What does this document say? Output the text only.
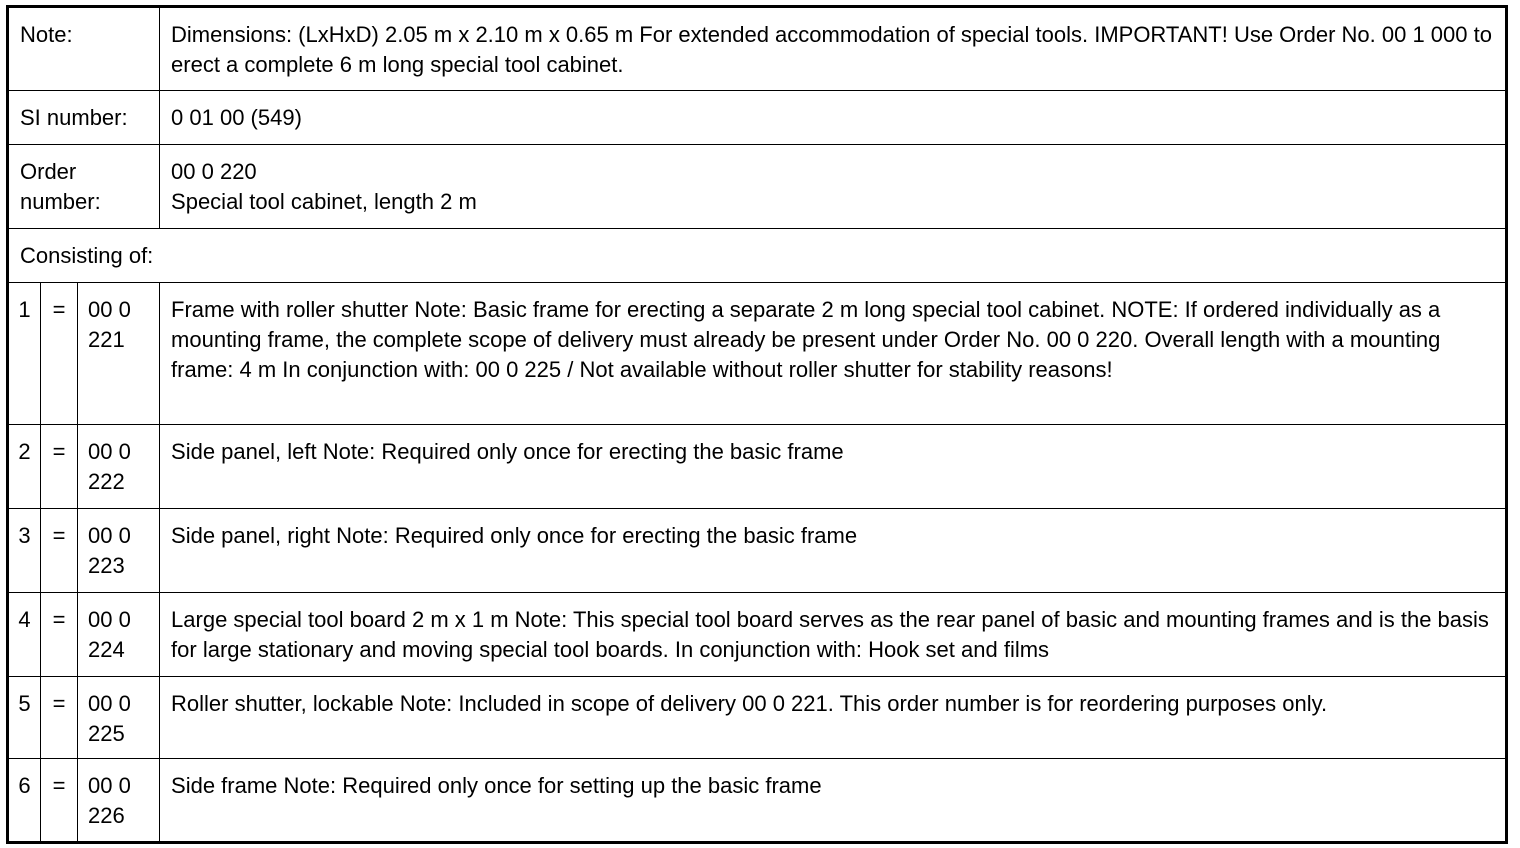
Note:			Dimensions: (LxHxD) 2.05 m x 2.10 m x 0.65 m For extended accommodation of special tools. IMPORTANT! Use Order No. 00 1 000 to erect a complete 6 m long special tool cabinet.
SI number:			0 01 00 (549)
Order number:			00 0 220
Special tool cabinet, length 2 m

Consisting of:			
1	=	00 0 221	Frame with roller shutter Note: Basic frame for erecting a separate 2 m long special tool cabinet. NOTE: If ordered individually as a mounting frame, the complete scope of delivery must already be present under Order No. 00 0 220. Overall length with a mounting frame: 4 m In conjunction with: 00 0 225 / Not available without roller shutter for stability reasons!
2	=	00 0 222	Side panel, left Note: Required only once for erecting the basic frame
3	=	00 0 223	Side panel, right Note: Required only once for erecting the basic frame
4	=	00 0 224	Large special tool board 2 m x 1 m Note: This special tool board serves as the rear panel of basic and mounting frames and is the basis for large stationary and moving special tool boards. In conjunction with: Hook set and films
5	=	00 0 225	Roller shutter, lockable Note: Included in scope of delivery 00 0 221. This order number is for reordering purposes only.
6	=	00 0 226	Side frame Note: Required only once for setting up the basic frame
